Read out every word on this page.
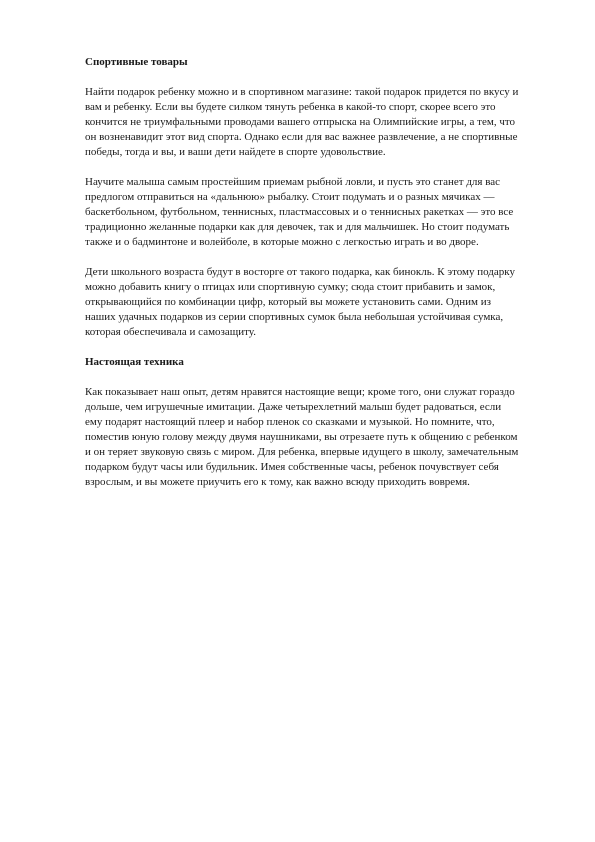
Спортивные товары

Найти подарок ребенку можно и в спортивном магазине: такой подарок придется по вкусу и вам и ребенку. Если вы будете силком тянуть ребенка в какой-то спорт, скорее всего это кончится не триумфальными проводами вашего отпрыска на Олимпийские игры, а тем, что он возненавидит этот вид спорта. Однако если для вас важнее развлечение, а не спортивные победы, тогда и вы, и ваши дети найдете в спорте удовольствие.

Научите малыша самым простейшим приемам рыбной ловли, и пусть это станет для вас предлогом отправиться на «дальнюю» рыбалку. Стоит подумать и о разных мячиках — баскетбольном, футбольном, теннисных, пластмассовых и о теннисных ракетках — это все традиционно желанные подарки как для девочек, так и для мальчишек. Но стоит подумать также и о бадминтоне и волейболе, в которые можно с легкостью играть и во дворе.

Дети школьного возраста будут в восторге от такого подарка, как бинокль. К этому подарку можно добавить книгу о птицах или спортивную сумку; сюда стоит прибавить и замок, открывающийся по комбинации цифр, который вы можете установить сами. Одним из наших удачных подарков из серии спортивных сумок была небольшая устойчивая сумка, которая обеспечивала и самозащиту.

Настоящая техника

Как показывает наш опыт, детям нравятся настоящие вещи; кроме того, они служат гораздо дольше, чем игрушечные имитации. Даже четырехлетний малыш будет радоваться, если ему подарят настоящий плеер и набор пленок со сказками и музыкой. Но помните, что, поместив юную голову между двумя наушниками, вы отрезаете путь к общению с ребенком и он теряет звуковую связь с миром. Для ребенка, впервые идущего в школу, замечательным подарком будут часы или будильник. Имея собственные часы, ребенок почувствует себя взрослым, и вы можете приучить его к тому, как важно всюду приходить вовремя.
